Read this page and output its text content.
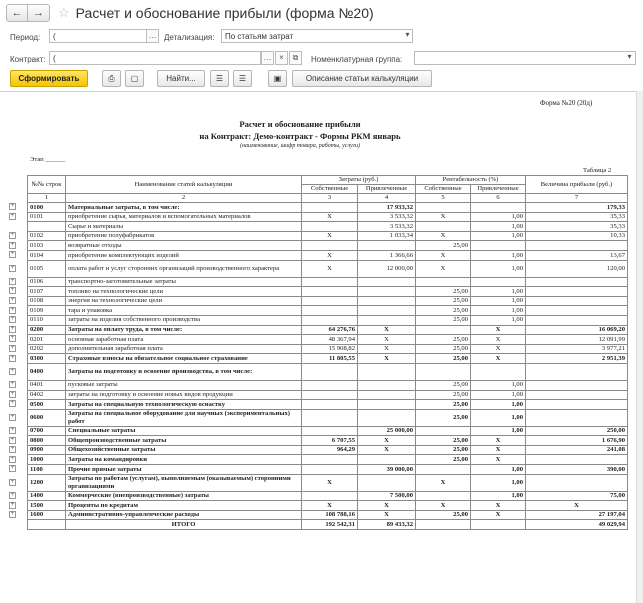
← →	☆ Расчет и обоснование прибыли (форма №20)
Период:	(	… Детализация:	По статьям затрат	▾
Контракт: (	… ×	⧉	Номенклатурная группа:	▾
Сформировать	⎙	▢	Найти...	☰	☰	▣	Описание статьи калькуляции
Форма №20 (20д)
Расчет и обоснование прибыли
на Контракт: Демо-контракт - Формы РКМ январь
(наименование, шифр товара, работы, услуги)
Этап ______
Таблица 2
+
+
+
+
+
+
+
+
+
+
+
+
+
+
+
+
+
+
+
+
+
+
+
+
+
+
+
+
+
№№ строк	Наименование статей калькуляции	Затраты (руб.)		Рентабельность (%)		Величина прибыли (руб.)
		Собственные	Привлеченные	Собственные	Привлеченные	
1	2	3	4	5	6	7
0100	Материальные затраты, в том числе:		17 933,32			179,33
0101	приобретение сырья, материалов и вспомогательных материалов	X	3 533,32	X	1,00	35,33
	Сырье и материалы		3 533,32		1,00	35,33
0102	приобретение полуфабрикатов	X	1 033,34	X	1,00	10,33
0103	возвратные отходы			25,00		
0104	приобретение комплектующих изделий	X	1 366,66	X	1,00	13,67
0105	оплата работ и услуг сторонних организаций производственного характера	X	12 000,00	X	1,00	120,00
0106	транспортно-заготовительные затраты					
0107	топливо на технологические цели			25,00	1,00	
0108	энергия на технологические цели			25,00	1,00	
0109	тара и упаковка			25,00	1,00	
0110	затраты на изделия собственного производства			25,00	1,00	
0200	Затраты на оплату труда, в том числе:	64 276,76	X		X	16 069,20
0201	основная заработная плата	48 367,94	X	25,00	X	12 091,99
0202	дополнительная заработная плата	15 908,82	X	25,00	X	3 977,21
0300	Страховые взносы на обязательное социальное страхование	11 805,55	X	25,00	X	2 951,39
0400	Затраты на подготовку и освоение производства, в том числе:					
0401	пусковые затраты			25,00	1,00	
0402	затраты на подготовку и освоение новых видов продукции			25,00	1,00	
0500	Затраты на специальную технологическую оснастку			25,00	1,00	
0600	Затраты на специальное оборудование для научных (экспериментальных) работ			25,00	1,00	
0700	Специальные затраты		25 000,00		1,00	250,00
0800	Общепроизводственные затраты	6 707,55	X	25,00	X	1 676,90
0900	Общехозяйственные затраты	964,29	X	25,00	X	241,08
1000	Затраты на командировки			25,00	X	
1100	Прочие прямые затраты		39 000,00		1,00	390,00
1200	Затраты по работам (услугам), выполняемым (оказываемым) сторонними организациями	X		X	1,00	
1400	Коммерческие (внепроизводственные) затраты		7 500,00		1,00	75,00
1500	Проценты по кредитам	X	X	X	X	X
1600	Административно-управленческие расходы	108 788,16	X	25,00	X	27 197,04
	ИТОГО	192 542,31	89 433,32			49 029,94
